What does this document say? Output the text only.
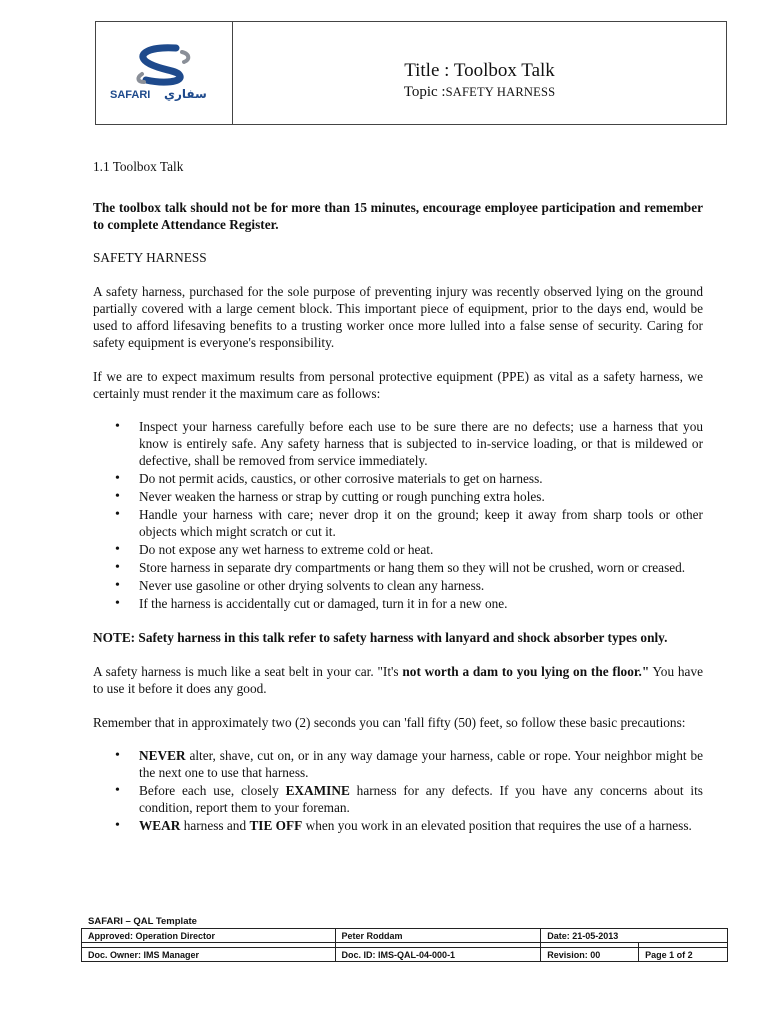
SAFARI سفاري
Title : Toolbox Talk
Topic :SAFETY HARNESS

1.1 Toolbox Talk

The toolbox talk should not be for more than 15 minutes, encourage employee participation and remember to complete Attendance Register.

SAFETY HARNESS

A safety harness, purchased for the sole purpose of preventing injury was recently observed lying on the ground partially covered with a large cement block. This important piece of equipment, prior to the days end, would be used to afford lifesaving benefits to a trusting worker once more lulled into a false sense of security. Caring for safety equipment is everyone's responsibility.

If we are to expect maximum results from personal protective equipment (PPE) as vital as a safety harness, we certainly must render it the maximum care as follows:

• Inspect your harness carefully before each use to be sure there are no defects; use a harness that you know is entirely safe. Any safety harness that is subjected to in-service loading, or that is mildewed or defective, shall be removed from service immediately.
• Do not permit acids, caustics, or other corrosive materials to get on harness.
• Never weaken the harness or strap by cutting or rough punching extra holes.
• Handle your harness with care; never drop it on the ground; keep it away from sharp tools or other objects which might scratch or cut it.
• Do not expose any wet harness to extreme cold or heat.
• Store harness in separate dry compartments or hang them so they will not be crushed, worn or creased.
• Never use gasoline or other drying solvents to clean any harness.
• If the harness is accidentally cut or damaged, turn it in for a new one.

NOTE: Safety harness in this talk refer to safety harness with lanyard and shock absorber types only.

A safety harness is much like a seat belt in your car. "It's not worth a dam to you lying on the floor." You have to use it before it does any good.

Remember that in approximately two (2) seconds you can 'fall fifty (50) feet, so follow these basic precautions:

• NEVER alter, shave, cut on, or in any way damage your harness, cable or rope. Your neighbor might be the next one to use that harness.
• Before each use, closely EXAMINE harness for any defects. If you have any concerns about its condition, report them to your foreman.
• WEAR harness and TIE OFF when you work in an elevated position that requires the use of a harness.
SAFARI – QAL Template
Approved: Operation Director	Peter Roddam	Date: 21-05-2013	

Doc. Owner: IMS Manager	Doc. ID: IMS-QAL-04-000-1	Revision: 00	Page 1 of 2
